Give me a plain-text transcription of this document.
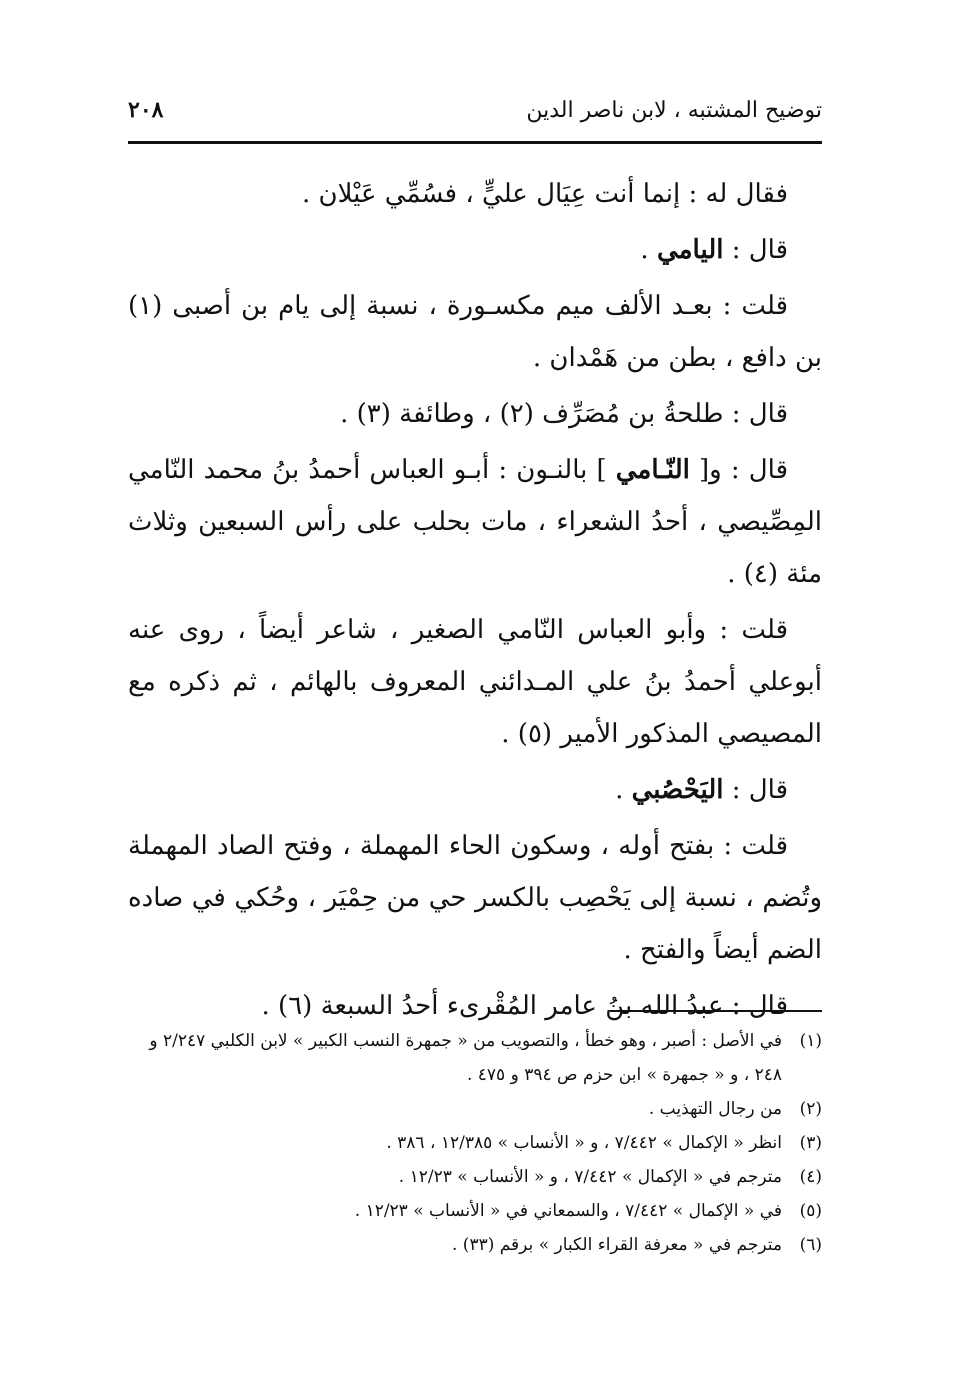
توضيح المشتبه ، لابن ناصر الدين
٢٠٨

فقال له : إنما أنت عِيَال عليٍّ ، فسُمِّي عَيْلان .

قال : اليامي .

قلت : بعـد الألف ميم مكسـورة ، نسبة إلى يام بن أصبى (١) بن دافع ، بطن من هَمْدان .

قال : طلحةُ بن مُصَرِّف (٢) ، وطائفة (٣) .

قال : و[ النّـامي ] بالنـون : أبـو العباس أحمدُ بنُ محمد النّامي المِصِّيصي ، أحدُ الشعراء ، مات بحلب على رأس السبعين وثلاث مئة (٤) .

قلت : وأبو العباس النّامي الصغير ، شاعر أيضاً ، روى عنه أبوعلي أحمدُ بنُ علي المـدائني المعروف بالهائم ، ثم ذكره مع المصيصي المذكور الأمير (٥) .

قال : اليَحْصُبي .

قلت : بفتح أوله ، وسكون الحاء المهملة ، وفتح الصاد المهملة وتُضم ، نسبة إلى يَحْصِب بالكسر حي من حِمْيَر ، وحُكي في صاده الضم أيضاً والفتح .

قال : عبدُ الله بنُ عامر المُقْرىء أحدُ السبعة (٦) .

(١)
في الأصل : أصبر ، وهو خطأ ، والتصويب من « جمهرة النسب الكبير » لابن الكلبي ٢/٢٤٧ و ٢٤٨ ، و « جمهرة » ابن حزم ص ٣٩٤ و ٤٧٥ .
(٢)
من رجال التهذيب .
(٣)
انظر « الإكمال » ٧/٤٤٢ ، و « الأنساب » ١٢/٣٨٥ ، ٣٨٦ .
(٤)
مترجم في « الإكمال » ٧/٤٤٢ ، و « الأنساب » ١٢/٢٣ .
(٥)
في « الإكمال » ٧/٤٤٢ ، والسمعاني في « الأنساب » ١٢/٢٣ .
(٦)
مترجم في « معرفة القراء الكبار » برقم (٣٣) .
